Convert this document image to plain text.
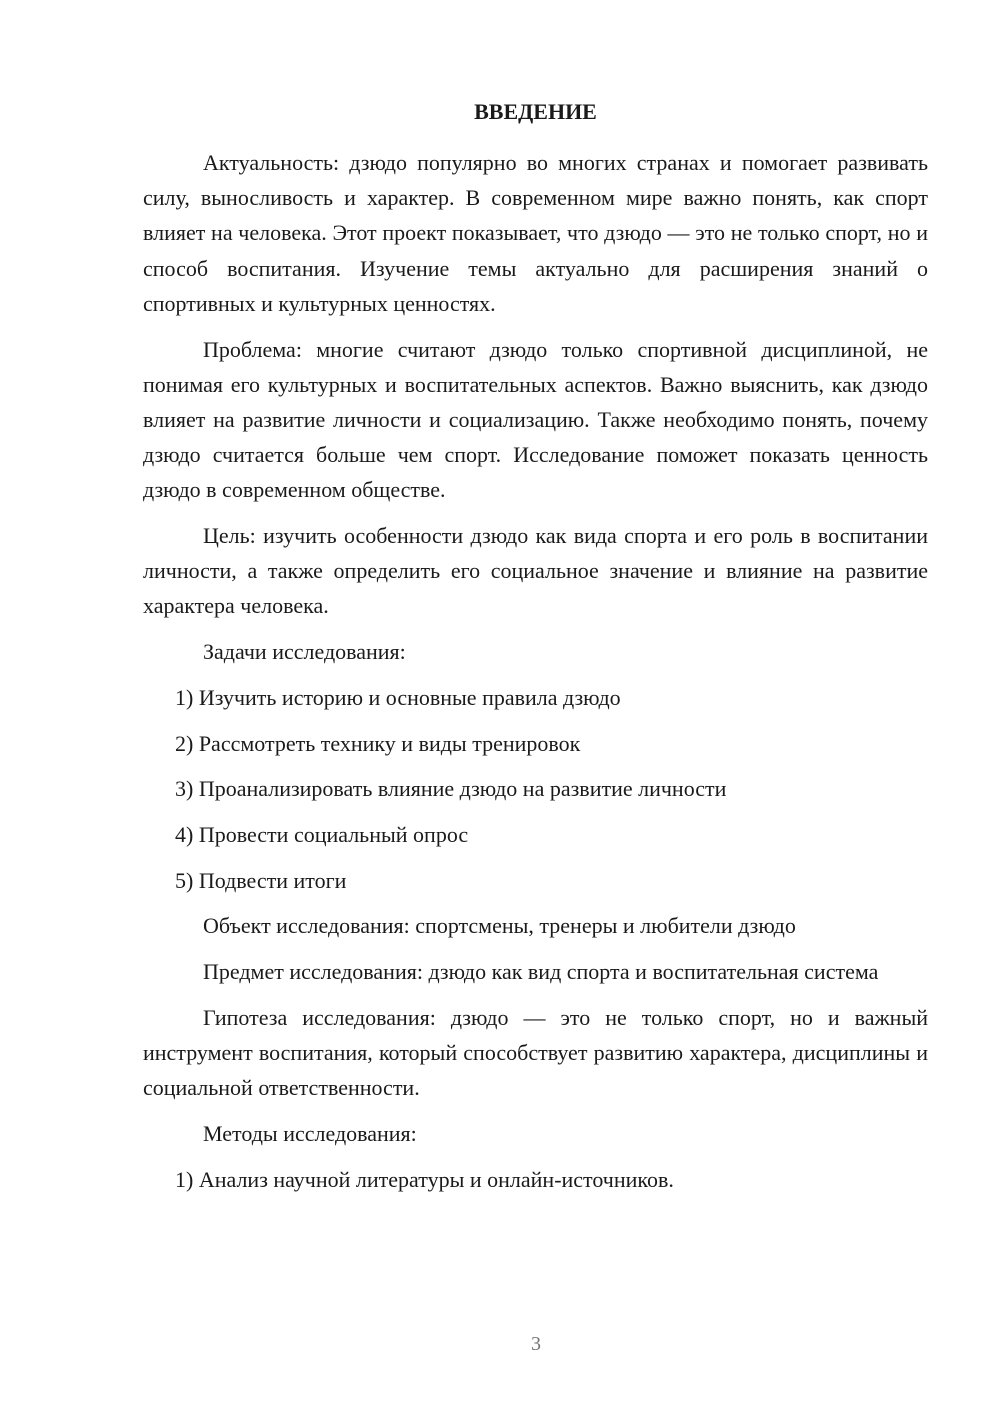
ВВЕДЕНИЕ

Актуальность: дзюдо популярно во многих странах и помогает развивать силу, выносливость и характер. В современном мире важно понять, как спорт влияет на человека. Этот проект показывает, что дзюдо — это не только спорт, но и способ воспитания. Изучение темы актуально для расширения знаний о спортивных и культурных ценностях.

Проблема: многие считают дзюдо только спортивной дисциплиной, не понимая его культурных и воспитательных аспектов. Важно выяснить, как дзюдо влияет на развитие личности и социализацию. Также необходимо понять, почему дзюдо считается больше чем спорт. Исследование поможет показать ценность дзюдо в современном обществе.

Цель: изучить особенности дзюдо как вида спорта и его роль в воспитании личности, а также определить его социальное значение и влияние на развитие характера человека.

Задачи исследования:

1) Изучить историю и основные правила дзюдо

2) Рассмотреть технику и виды тренировок

3) Проанализировать влияние дзюдо на развитие личности

4) Провести социальный опрос

5) Подвести итоги

Объект исследования: спортсмены, тренеры и любители дзюдо

Предмет исследования: дзюдо как вид спорта и воспитательная система

Гипотеза исследования: дзюдо — это не только спорт, но и важный инструмент воспитания, который способствует развитию характера, дисциплины и социальной ответственности.

Методы исследования:

1) Анализ научной литературы и онлайн-источников.

3
